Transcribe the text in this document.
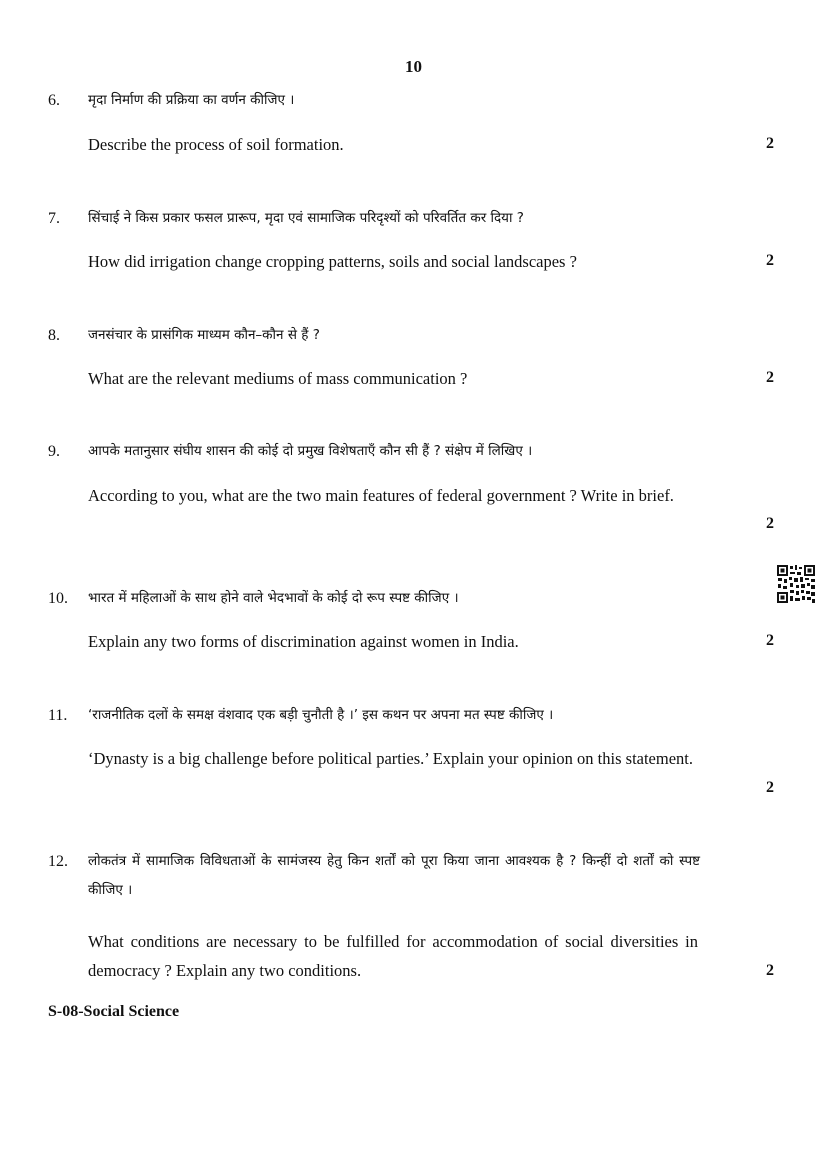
10
6. मृदा निर्माण की प्रक्रिया का वर्णन कीजिए ।
Describe the process of soil formation.	2
7. सिंचाई ने किस प्रकार फसल प्रारूप, मृदा एवं सामाजिक परिदृश्यों को परिवर्तित कर दिया ?
How did irrigation change cropping patterns, soils and social landscapes ?	2
8. जनसंचार के प्रासंगिक माध्यम कौन–कौन से हैं ?
What are the relevant mediums of mass communication ?	2
9. आपके मतानुसार संघीय शासन की कोई दो प्रमुख विशेषताएँ कौन सी हैं ? संक्षेप में लिखिए ।
According to you, what are the two main features of federal government ? Write in brief.
2
10. भारत में महिलाओं के साथ होने वाले भेदभावों के कोई दो रूप स्पष्ट कीजिए ।
Explain any two forms of discrimination against women in India.	2
11. ‘राजनीतिक दलों के समक्ष वंशवाद एक बड़ी चुनौती है ।’ इस कथन पर अपना मत स्पष्ट कीजिए ।
‘Dynasty is a big challenge before political parties.’ Explain your opinion on this statement.
2
12. लोकतंत्र में सामाजिक विविधताओं के सामंजस्य हेतु किन शर्तों को पूरा किया जाना आवश्यक है ? किन्हीं दो शर्तों को स्पष्ट कीजिए ।
What conditions are necessary to be fulfilled for accommodation of social diversities in democracy ? Explain any two conditions.	2
S-08-Social Science
